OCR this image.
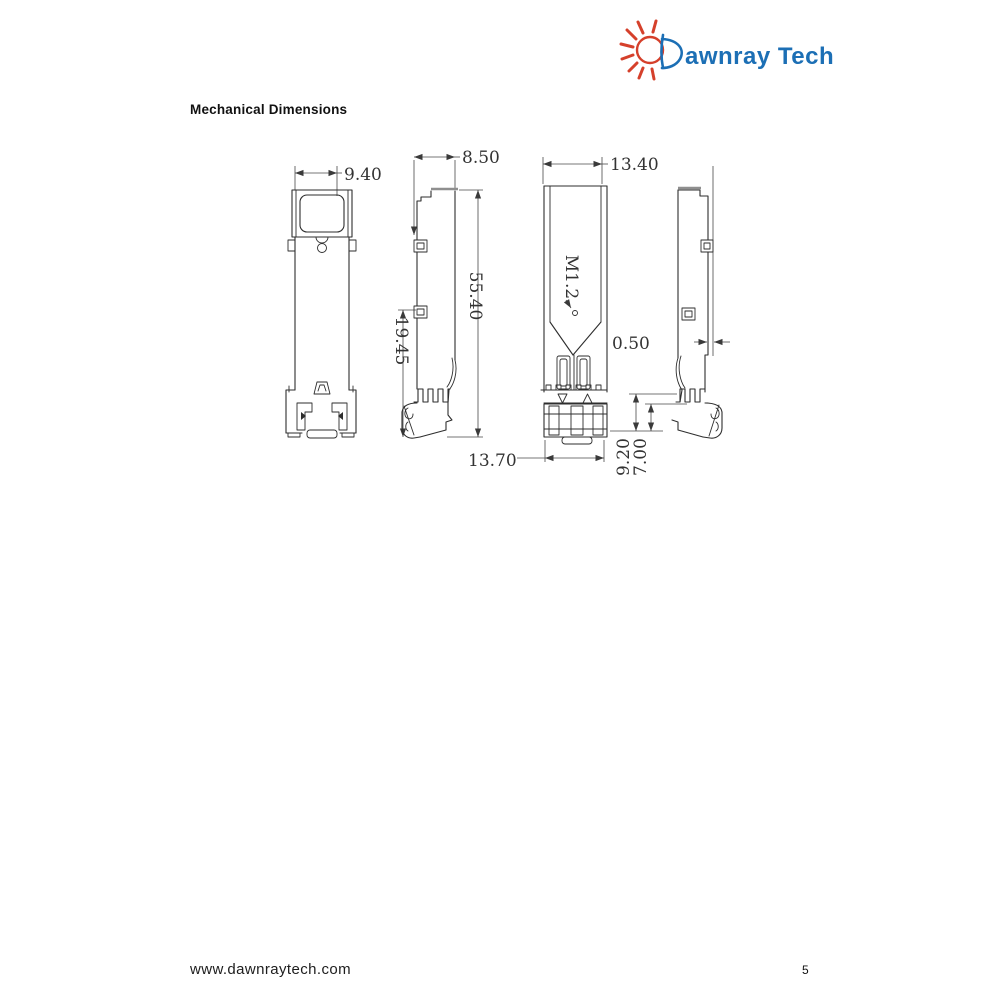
awnray Tech
Mechanical Dimensions
9.40
8.50
55.40
19.45
13.70
13.40
M1.2
0.50
9.20
7.00
www.dawnraytech.com	5
